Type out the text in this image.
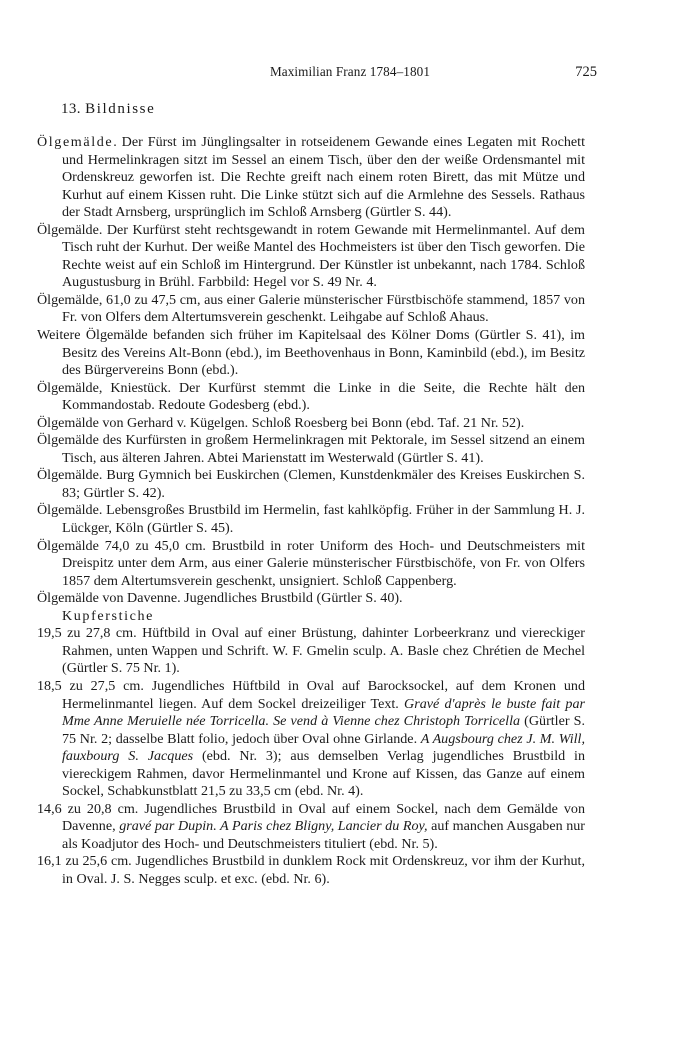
Maximilian Franz 1784–1801	725
13. Bildnisse

Ölgemälde. Der Fürst im Jünglingsalter in rotseidenem Gewande eines Legaten mit Rochett und Hermelinkragen sitzt im Sessel an einem Tisch, über den der weiße Ordensmantel mit Ordenskreuz geworfen ist. Die Rechte greift nach einem roten Birett, das mit Mütze und Kurhut auf einem Kissen ruht. Die Linke stützt sich auf die Armlehne des Sessels. Rathaus der Stadt Arnsberg, ursprünglich im Schloß Arnsberg (Gürtler S. 44).

Ölgemälde. Der Kurfürst steht rechtsgewandt in rotem Gewande mit Hermelinmantel. Auf dem Tisch ruht der Kurhut. Der weiße Mantel des Hochmeisters ist über den Tisch geworfen. Die Rechte weist auf ein Schloß im Hintergrund. Der Künstler ist unbekannt, nach 1784. Schloß Augustusburg in Brühl. Farbbild: Hegel vor S. 49 Nr. 4.

Ölgemälde, 61,0 zu 47,5 cm, aus einer Galerie münsterischer Fürstbischöfe stammend, 1857 von Fr. von Olfers dem Altertumsverein geschenkt. Leihgabe auf Schloß Ahaus.

Weitere Ölgemälde befanden sich früher im Kapitelsaal des Kölner Doms (Gürtler S. 41), im Besitz des Vereins Alt-Bonn (ebd.), im Beethovenhaus in Bonn, Kaminbild (ebd.), im Besitz des Bürgervereins Bonn (ebd.).

Ölgemälde, Kniestück. Der Kurfürst stemmt die Linke in die Seite, die Rechte hält den Kommandostab. Redoute Godesberg (ebd.).

Ölgemälde von Gerhard v. Kügelgen. Schloß Roesberg bei Bonn (ebd. Taf. 21 Nr. 52).

Ölgemälde des Kurfürsten in großem Hermelinkragen mit Pektorale, im Sessel sitzend an einem Tisch, aus älteren Jahren. Abtei Marienstatt im Westerwald (Gürtler S. 41).

Ölgemälde. Burg Gymnich bei Euskirchen (Clemen, Kunstdenkmäler des Kreises Euskirchen S. 83; Gürtler S. 42).

Ölgemälde. Lebensgroßes Brustbild im Hermelin, fast kahlköpfig. Früher in der Sammlung H. J. Lückger, Köln (Gürtler S. 45).

Ölgemälde 74,0 zu 45,0 cm. Brustbild in roter Uniform des Hoch- und Deutschmeisters mit Dreispitz unter dem Arm, aus einer Galerie münsterischer Fürstbischöfe, von Fr. von Olfers 1857 dem Altertumsverein geschenkt, unsigniert. Schloß Cappenberg.

Ölgemälde von Davenne. Jugendliches Brustbild (Gürtler S. 40).

Kupferstiche

19,5 zu 27,8 cm. Hüftbild in Oval auf einer Brüstung, dahinter Lorbeerkranz und viereckiger Rahmen, unten Wappen und Schrift. W. F. Gmelin sculp. A. Basle chez Chrétien de Mechel (Gürtler S. 75 Nr. 1).

18,5 zu 27,5 cm. Jugendliches Hüftbild in Oval auf Barocksockel, auf dem Kronen und Hermelinmantel liegen. Auf dem Sockel dreizeiliger Text. Gravé d'après le buste fait par Mme Anne Meruielle née Torricella. Se vend à Vienne chez Christoph Torricella (Gürtler S. 75 Nr. 2; dasselbe Blatt folio, jedoch über Oval ohne Girlande. A Augsbourg chez J. M. Will, fauxbourg S. Jacques (ebd. Nr. 3); aus demselben Verlag jugendliches Brustbild in viereckigem Rahmen, davor Hermelinmantel und Krone auf Kissen, das Ganze auf einem Sockel, Schabkunstblatt 21,5 zu 33,5 cm (ebd. Nr. 4).

14,6 zu 20,8 cm. Jugendliches Brustbild in Oval auf einem Sockel, nach dem Gemälde von Davenne, gravé par Dupin. A Paris chez Bligny, Lancier du Roy, auf manchen Ausgaben nur als Koadjutor des Hoch- und Deutschmeisters tituliert (ebd. Nr. 5).

16,1 zu 25,6 cm. Jugendliches Brustbild in dunklem Rock mit Ordenskreuz, vor ihm der Kurhut, in Oval. J. S. Negges sculp. et exc. (ebd. Nr. 6).
